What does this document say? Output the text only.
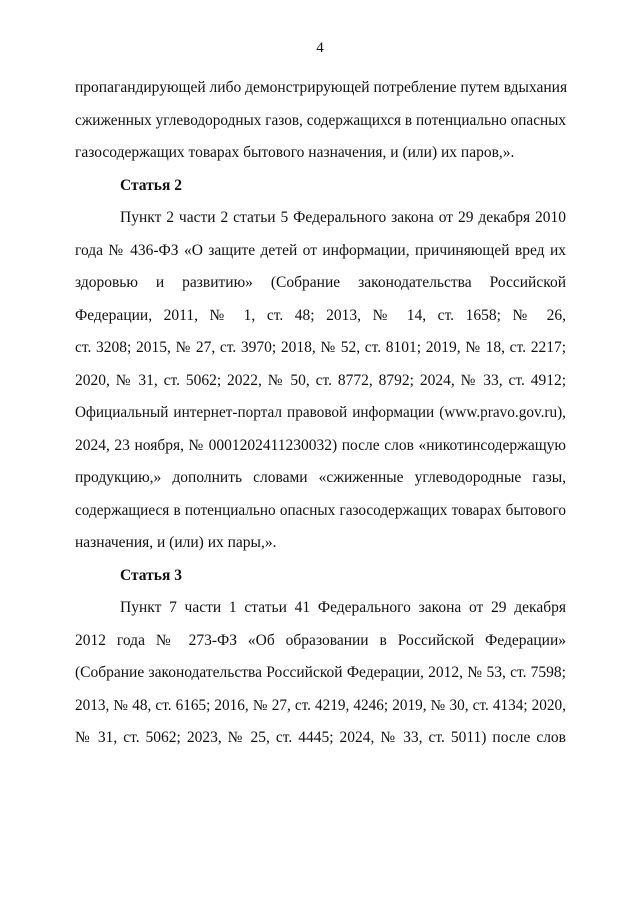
4
пропагандирующей либо демонстрирующей потребление путем вдыхания
сжиженных углеводородных газов, содержащихся в потенциально опасных
газосодержащих товарах бытового назначения, и (или) их паров,».
Статья 2
Пункт 2 части 2 статьи 5 Федерального закона от 29 декабря 2010
года № 436-ФЗ «О защите детей от информации, причиняющей вред их
здоровью и развитию» (Собрание законодательства Российской
Федерации, 2011, № 1, ст. 48; 2013, № 14, ст. 1658; № 26,
ст. 3208; 2015, № 27, ст. 3970; 2018, № 52, ст. 8101; 2019, № 18, ст. 2217;
2020, № 31, ст. 5062; 2022, № 50, ст. 8772, 8792; 2024, № 33, ст. 4912;
Официальный интернет-портал правовой информации (www.pravo.gov.ru),
2024, 23 ноября, № 0001202411230032) после слов «никотинсодержащую
продукцию,» дополнить словами «сжиженные углеводородные газы,
содержащиеся в потенциально опасных газосодержащих товарах бытового
назначения, и (или) их пары,».
Статья 3
Пункт 7 части 1 статьи 41 Федерального закона от 29 декабря
2012 года № 273-ФЗ «Об образовании в Российской Федерации»
(Собрание законодательства Российской Федерации, 2012, № 53, ст. 7598;
2013, № 48, ст. 6165; 2016, № 27, ст. 4219, 4246; 2019, № 30, ст. 4134; 2020,
№ 31, ст. 5062; 2023, № 25, ст. 4445; 2024, № 33, ст. 5011) после слов
